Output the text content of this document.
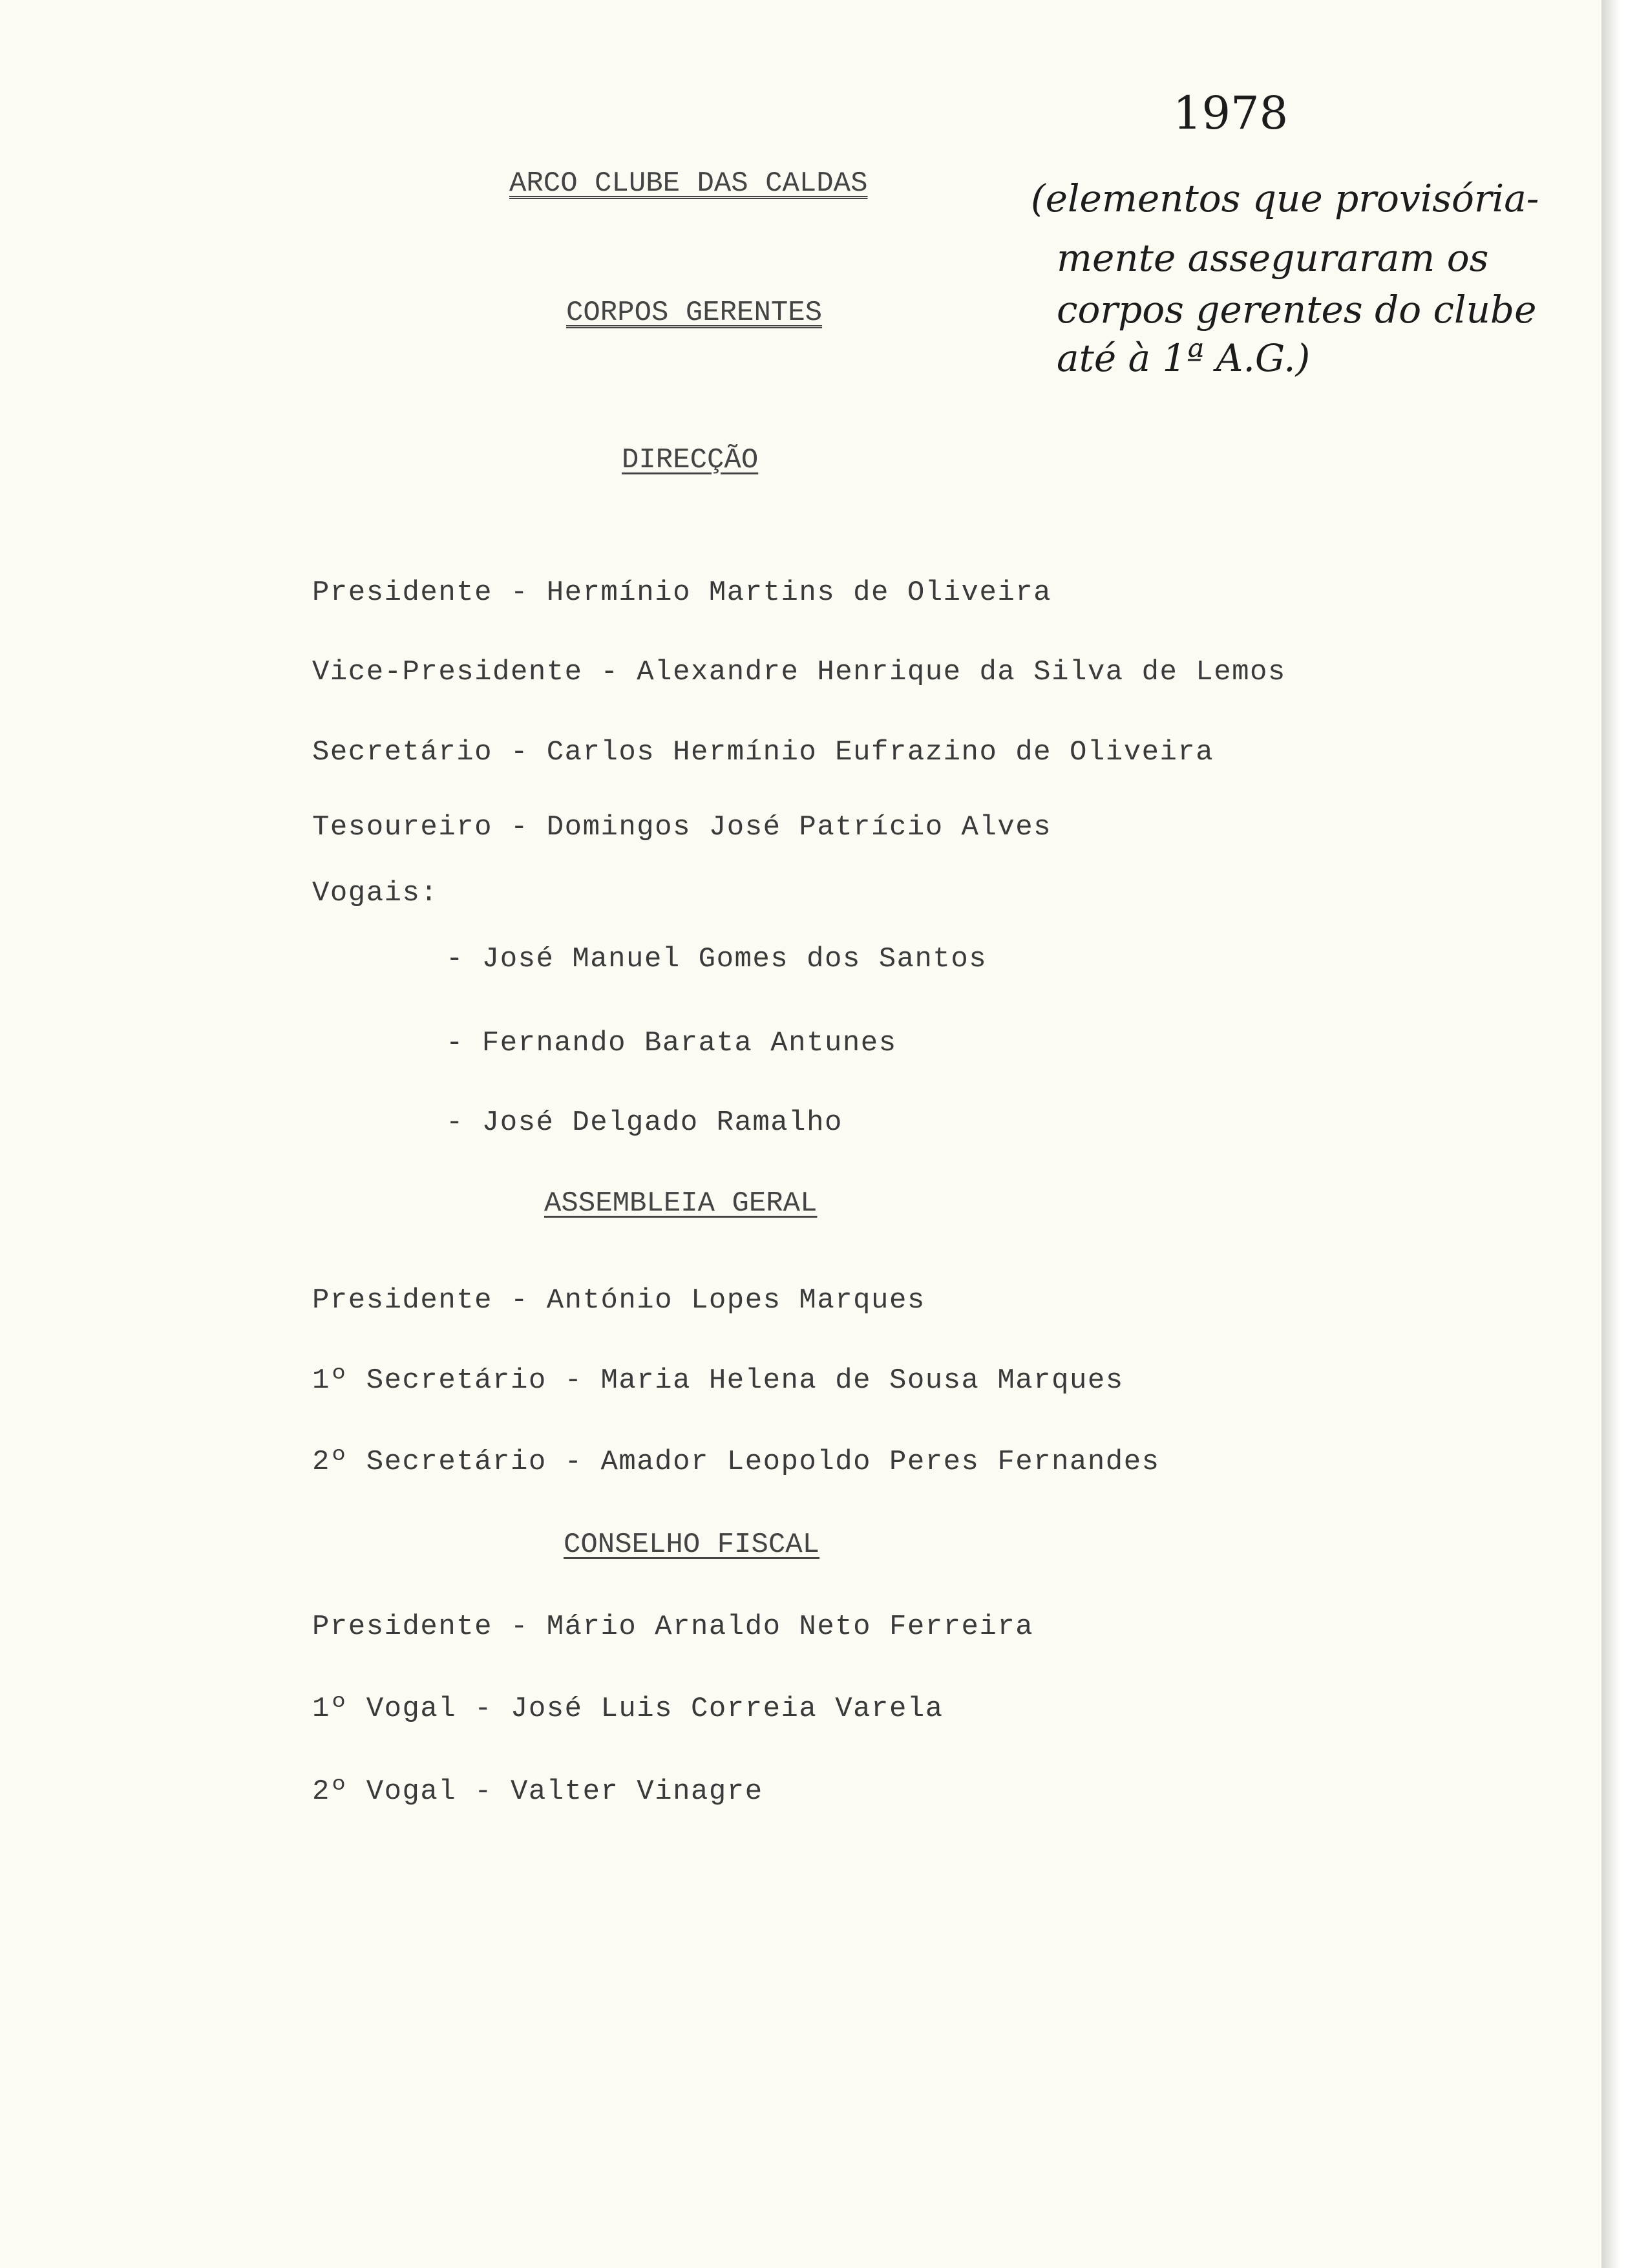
ARCO CLUBE DAS CALDAS
CORPOS GERENTES
1978
(elementos que provisória-
mente asseguraram os
corpos gerentes do clube
até à 1ª A.G.)
DIRECÇÃO
Presidente - Hermínio Martins de Oliveira
Vice-Presidente - Alexandre Henrique da Silva de Lemos
Secretário - Carlos Hermínio Eufrazino de Oliveira
Tesoureiro - Domingos José Patrício Alves
Vogais:
- José Manuel Gomes dos Santos
- Fernando Barata Antunes
- José Delgado Ramalho
ASSEMBLEIA GERAL
Presidente - António Lopes Marques
1º Secretário - Maria Helena de Sousa Marques
2º Secretário - Amador Leopoldo Peres Fernandes
CONSELHO FISCAL
Presidente - Mário Arnaldo Neto Ferreira
1º Vogal - José Luis Correia Varela
2º Vogal - Valter Vinagre
